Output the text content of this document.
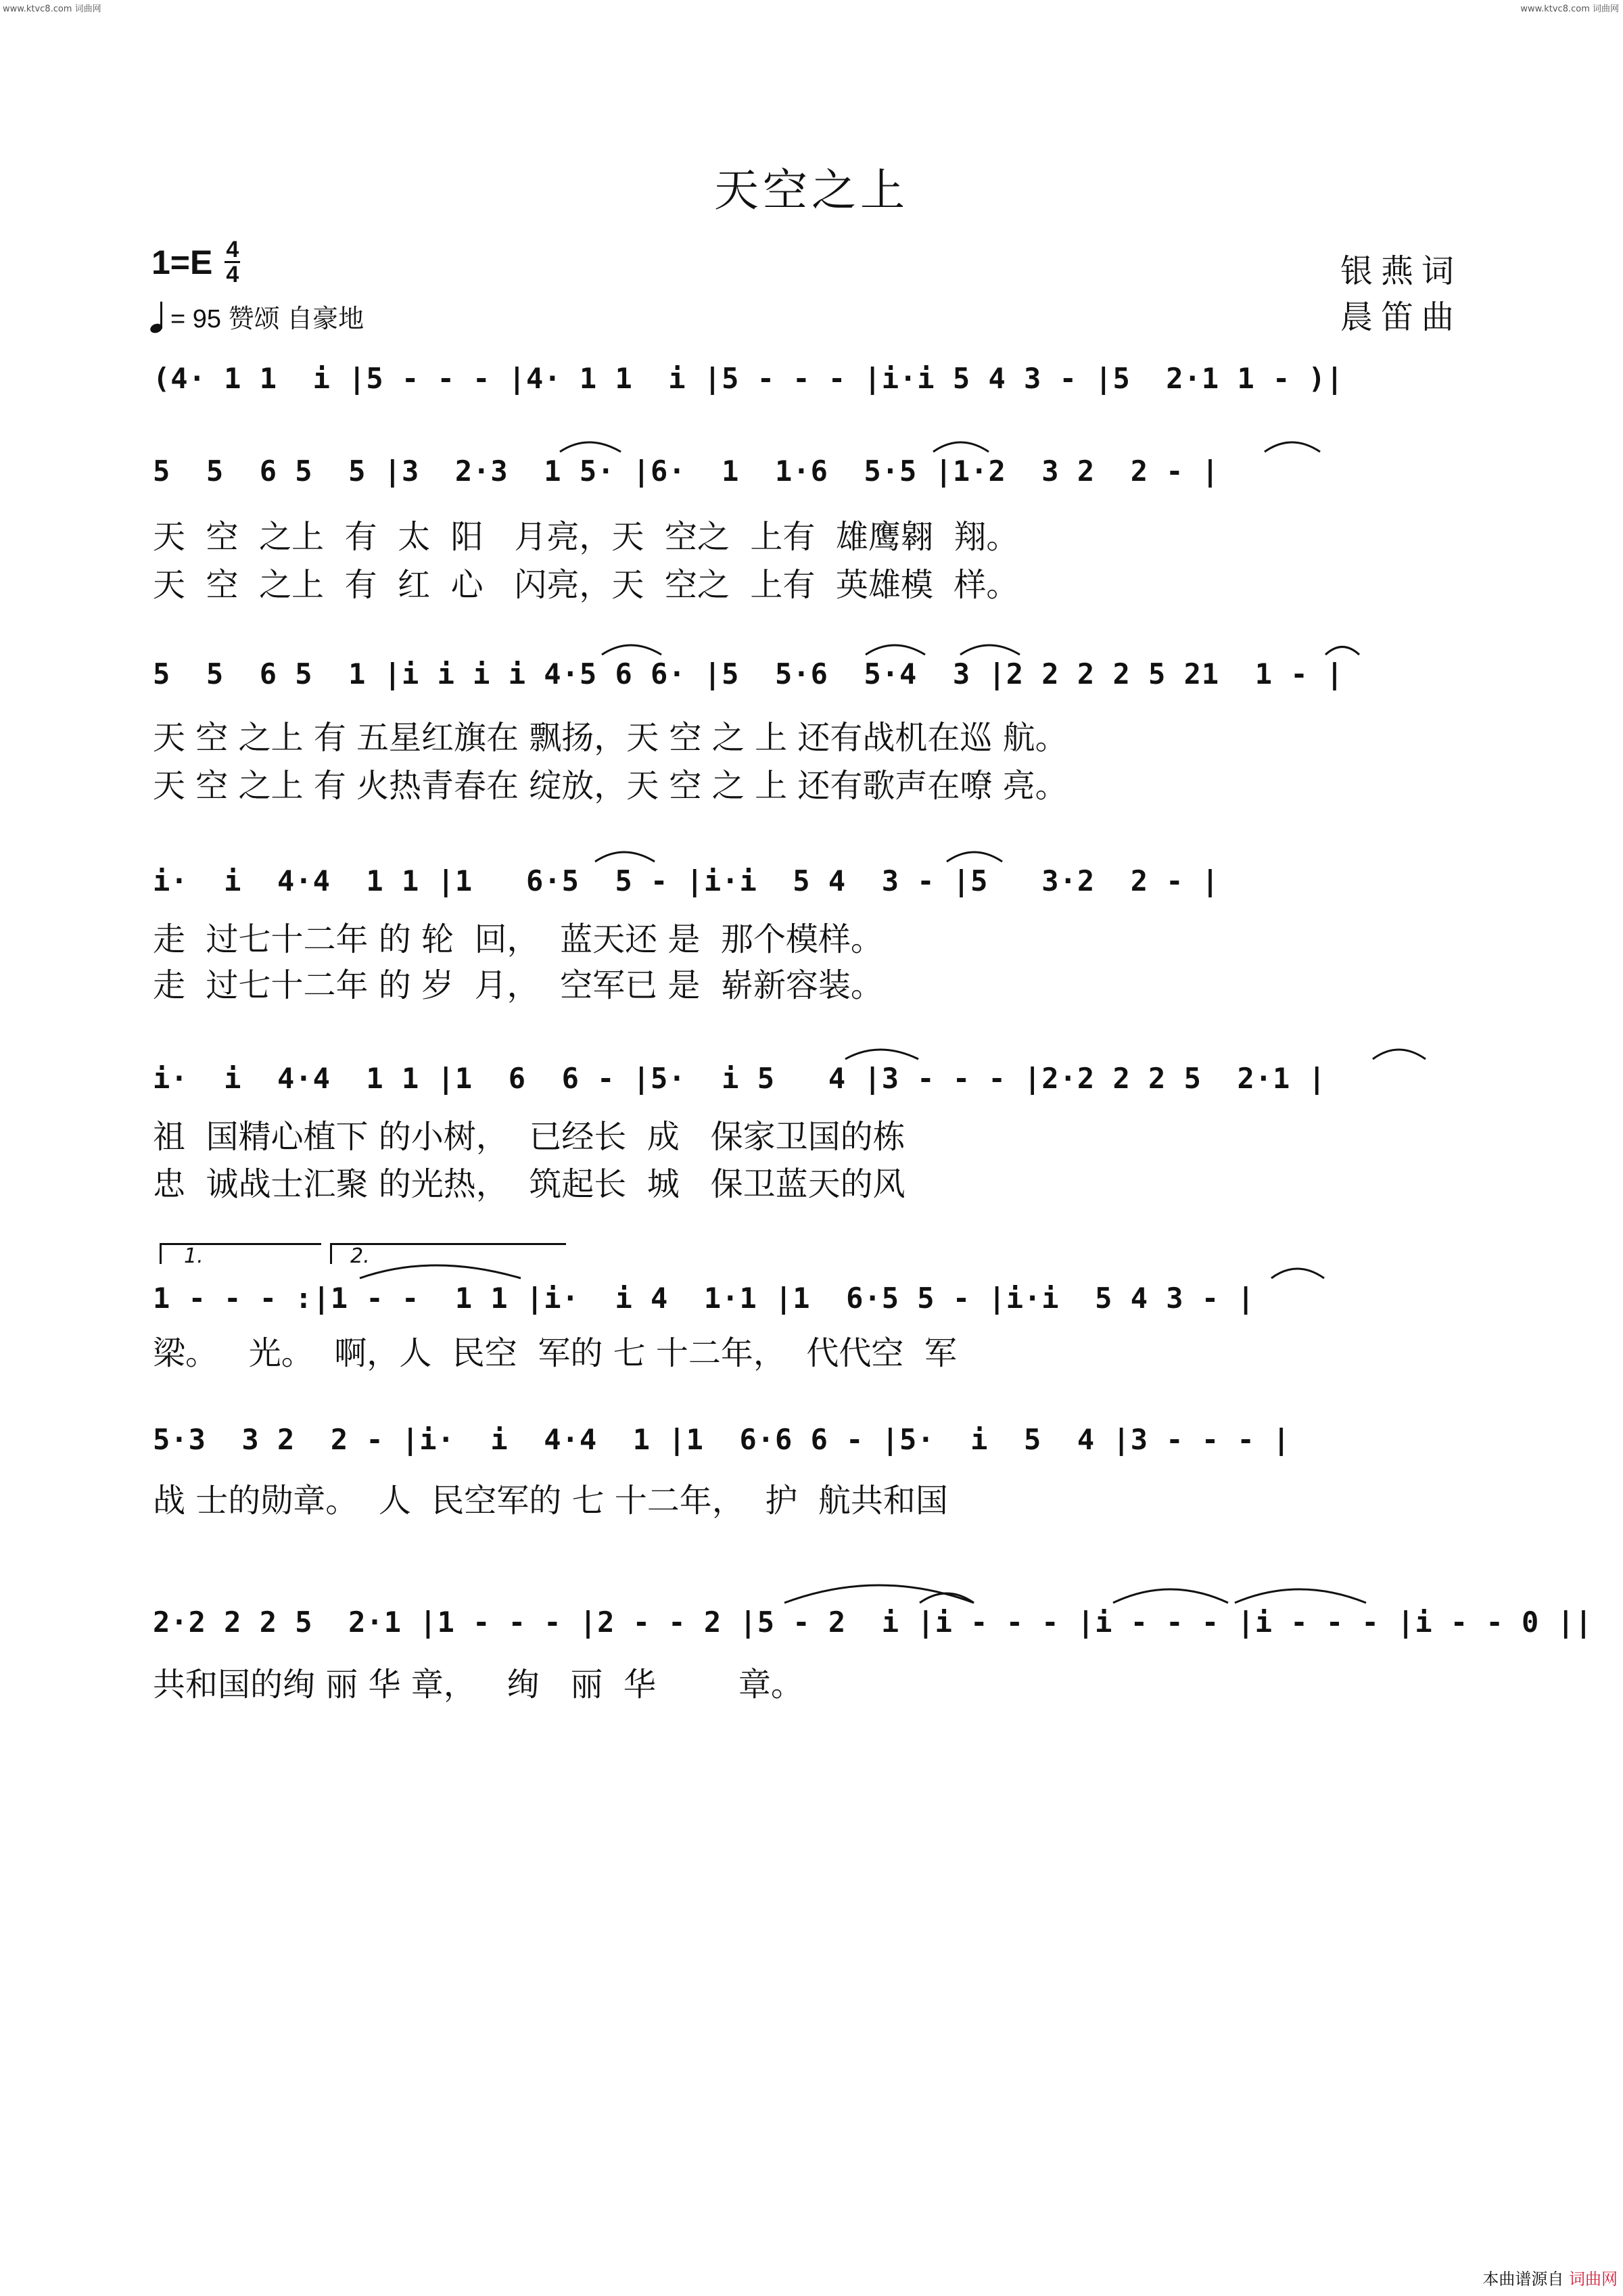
www.ktvc8.com 词曲网	www.ktvc8.com 词曲网
天空之上
$1=E \frac{4}{4}$
= 95 赞颂 自豪地
银燕词
晨笛曲
(4· 1 1  i |5 - - - |4· 1 1  i |5 - - - |i·i 5 4 3 - |5  2·1 1 - )|
5  5  6 5  5 |3  2·3  1 5· |6·  1  1·6  5·5 |1·2  3 2  2 - |
天  空  之上  有  太  阳   月亮，天  空之  上有  雄鹰翱  翔。
天  空  之上  有  红  心   闪亮，天  空之  上有  英雄模  样。
5  5  6 5  1 |i i i i 4·5 6 6· |5  5·6  5·4  3 |2 2 2 2 5 21  1 - |
天 空 之上 有 五星红旗在 飘扬，天 空 之 上 还有战机在巡 航。
天 空 之上 有 火热青春在 绽放，天 空 之 上 还有歌声在嘹 亮。
i·  i  4·4  1 1 |1   6·5  5 - |i·i  5 4  3 - |5   3·2  2 - |
走  过七十二年 的 轮  回，  蓝天还 是  那个模样。
走  过七十二年 的 岁  月，  空军已 是  崭新容装。
i·  i  4·4  1 1 |1  6  6 - |5·  i 5   4 |3 - - - |2·2 2 2 5  2·1 |
祖  国精心植下 的小树，  已经长  成   保家卫国的栋
忠  诚战士汇聚 的光热，  筑起长  城   保卫蓝天的风
1.	2.
1 - - - :|1 - -  1 1 |i·  i 4  1·1 |1  6·5 5 - |i·i  5 4 3 - |
梁。   光。  啊，人  民空  军的 七 十二年，  代代空  军
5·3  3 2  2 - |i·  i  4·4  1 |1  6·6 6 - |5·  i  5  4 |3 - - - |
战 士的勋章。  人  民空军的 七 十二年，  护  航共和国
2·2 2 2 5  2·1 |1 - - - |2 - - 2 |5 - 2  i |i - - - |i - - - |i - - - |i - - 0 ||
共和国的绚 丽 华 章，   绚   丽  华        章。
本曲谱源自 词曲网
